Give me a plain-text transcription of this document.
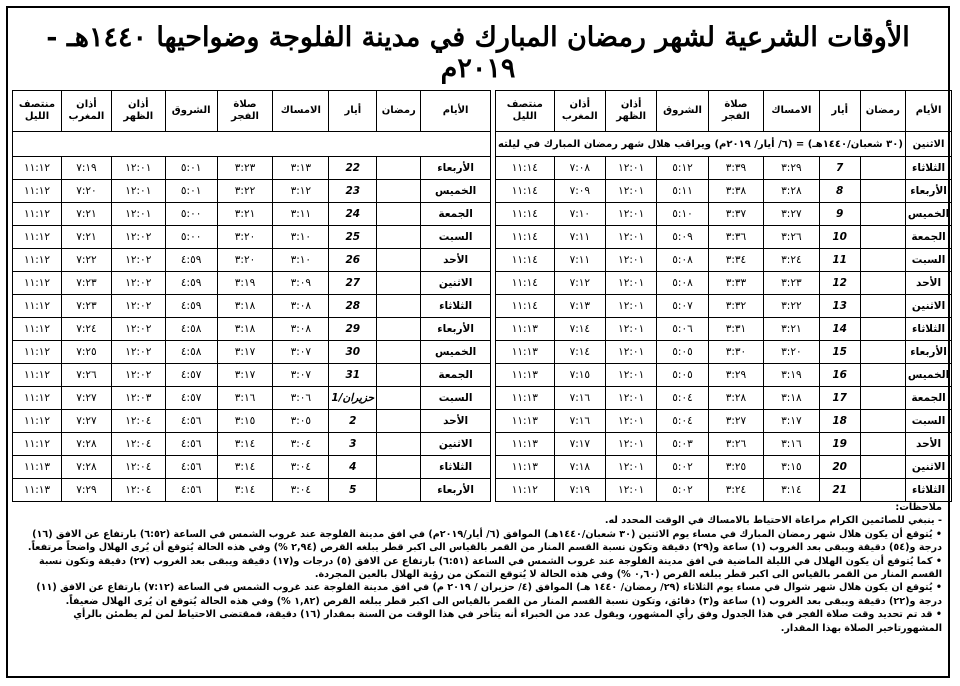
الأوقات الشرعية لشهر رمضان المبارك في مدينة الفلوجة وضواحيها ١٤٤٠هـ - ٢٠١٩م
الأيام	رمضان	أيار	الامساك	صلاة الفجر	الشروق	أذان الظهر	أذان المغرب	منتصف الليل
الاثنين	(٣٠ شعبان/١٤٤٠هـ) = (٦/ أيار/ ٢٠١٩م) ويراقب هلال شهر رمضان المبارك في ليلته							
الثلاثاء		7	٣:٢٩	٣:٣٩	٥:١٢	١٢:٠١	٧:٠٨	١١:١٤
الأربعاء		8	٣:٢٨	٣:٣٨	٥:١١	١٢:٠١	٧:٠٩	١١:١٤
الخميس		9	٣:٢٧	٣:٣٧	٥:١٠	١٢:٠١	٧:١٠	١١:١٤
الجمعة		10	٣:٢٦	٣:٣٦	٥:٠٩	١٢:٠١	٧:١١	١١:١٤
السبت		11	٣:٢٤	٣:٣٤	٥:٠٨	١٢:٠١	٧:١١	١١:١٤
الأحد		12	٣:٢٣	٣:٣٣	٥:٠٨	١٢:٠١	٧:١٢	١١:١٤
الاثنين		13	٣:٢٢	٣:٣٢	٥:٠٧	١٢:٠١	٧:١٣	١١:١٤
الثلاثاء		14	٣:٢١	٣:٣١	٥:٠٦	١٢:٠١	٧:١٤	١١:١٣
الأربعاء		15	٣:٢٠	٣:٣٠	٥:٠٥	١٢:٠١	٧:١٤	١١:١٣
الخميس		16	٣:١٩	٣:٢٩	٥:٠٥	١٢:٠١	٧:١٥	١١:١٣
الجمعة		17	٣:١٨	٣:٢٨	٥:٠٤	١٢:٠١	٧:١٦	١١:١٣
السبت		18	٣:١٧	٣:٢٧	٥:٠٤	١٢:٠١	٧:١٦	١١:١٣
الأحد		19	٣:١٦	٣:٢٦	٥:٠٣	١٢:٠١	٧:١٧	١١:١٣
الاثنين		20	٣:١٥	٣:٢٥	٥:٠٢	١٢:٠١	٧:١٨	١١:١٣
الثلاثاء		21	٣:١٤	٣:٢٤	٥:٠٢	١٢:٠١	٧:١٩	١١:١٢
الأيام	رمضان	أيار	الامساك	صلاة الفجر	الشروق	أذان الظهر	أذان المغرب	منتصف الليل

الأربعاء		22	٣:١٣	٣:٢٣	٥:٠١	١٢:٠١	٧:١٩	١١:١٢
الخميس		23	٣:١٢	٣:٢٢	٥:٠١	١٢:٠١	٧:٢٠	١١:١٢
الجمعة		24	٣:١١	٣:٢١	٥:٠٠	١٢:٠١	٧:٢١	١١:١٢
السبت		25	٣:١٠	٣:٢٠	٥:٠٠	١٢:٠٢	٧:٢١	١١:١٢
الأحد		26	٣:١٠	٣:٢٠	٤:٥٩	١٢:٠٢	٧:٢٢	١١:١٢
الاثنين		27	٣:٠٩	٣:١٩	٤:٥٩	١٢:٠٢	٧:٢٣	١١:١٢
الثلاثاء		28	٣:٠٨	٣:١٨	٤:٥٩	١٢:٠٢	٧:٢٣	١١:١٢
الأربعاء		29	٣:٠٨	٣:١٨	٤:٥٨	١٢:٠٢	٧:٢٤	١١:١٢
الخميس		30	٣:٠٧	٣:١٧	٤:٥٨	١٢:٠٢	٧:٢٥	١١:١٢
الجمعة		31	٣:٠٧	٣:١٧	٤:٥٧	١٢:٠٢	٧:٢٦	١١:١٢
السبت		حزيران/1	٣:٠٦	٣:١٦	٤:٥٧	١٢:٠٣	٧:٢٧	١١:١٢
الأحد		2	٣:٠٥	٣:١٥	٤:٥٦	١٢:٠٤	٧:٢٧	١١:١٢
الاثنين		3	٣:٠٤	٣:١٤	٤:٥٦	١٢:٠٤	٧:٢٨	١١:١٢
الثلاثاء		4	٣:٠٤	٣:١٤	٤:٥٦	١٢:٠٤	٧:٢٨	١١:١٣
الأربعاء		5	٣:٠٤	٣:١٤	٤:٥٦	١٢:٠٤	٧:٢٩	١١:١٣

ملاحظات:

- ينبغي للصائمين الكرام مراعاة الاحتياط بالامساك في الوقت المحدد له.

• يُتوقع أن يكون هلال شهر رمضان المبارك في مساء يوم الاثنين (٣٠ شعبان/١٤٤٠هـ) الموافق (٦/ أيار/٢٠١٩م) في افق مدينة الفلوجة عند غروب الشمس في الساعة (٦:٥٢) بارتفاع عن الافق (١٦) درجة و(٥٤) دقيقة ويبقى بعد الغروب (١) ساعة و(٢٩) دقيقة وتكون نسبة القسم المنار من القمر بالقياس الى اكبر قطر يبلغه القرص (٢,٩٤ %) وفي هذه الحالة يُتوقع أن يُرى الهلال واضحاً مرتفعاً.

• كما يُتوقع أن يكون الهلال في الليلة الماضية في افق مدينة الفلوجة عند غروب الشمس في الساعة (٦:٥١) بارتفاع عن الافق (٥) درجات و(١٧) دقيقة ويبقى بعد الغروب (٢٧) دقيقة وتكون نسبة القسم المنار من القمر بالقياس الى اكبر قطر يبلغه القرص (٠,٦٠ %) وفي هذه الحالة لا يُتوقع التمكن من رؤية الهلال بالعين المجردة.

• يُتوقع ان يكون هلال شهر شوال في مساء يوم الثلاثاء (٢٩/ رمضان/ ١٤٤٠ هـ) الموافق (٤/ حزيران / ٢٠١٩ م) في افق مدينة الفلوجة عند غروب الشمس في الساعة (٧:١٢) بارتفاع عن الافق (١١) درجة و(٢٢) دقيقة ويبقى بعد الغروب (١) ساعة و(٣) دقائق، وتكون نسبة القسم المنار من القمر بالقياس الى اكبر قطر يبلغه القرص (١,٨٢ %) وفي هذه الحالة يُتوقع ان يُرى الهلال ضعيفاً.

• قد تم تحديد وقت صلاة الفجر في هذا الجدول وفق رأي المشهور، ويقول عدد من الخبراء أنه يتأخر في هذا الوقت من السنة بمقدار (١٦) دقيقة، فمقتضى الاحتياط لمن لم يطمئن بالرأي المشهورتاخير الصلاة بهذا المقدار.
